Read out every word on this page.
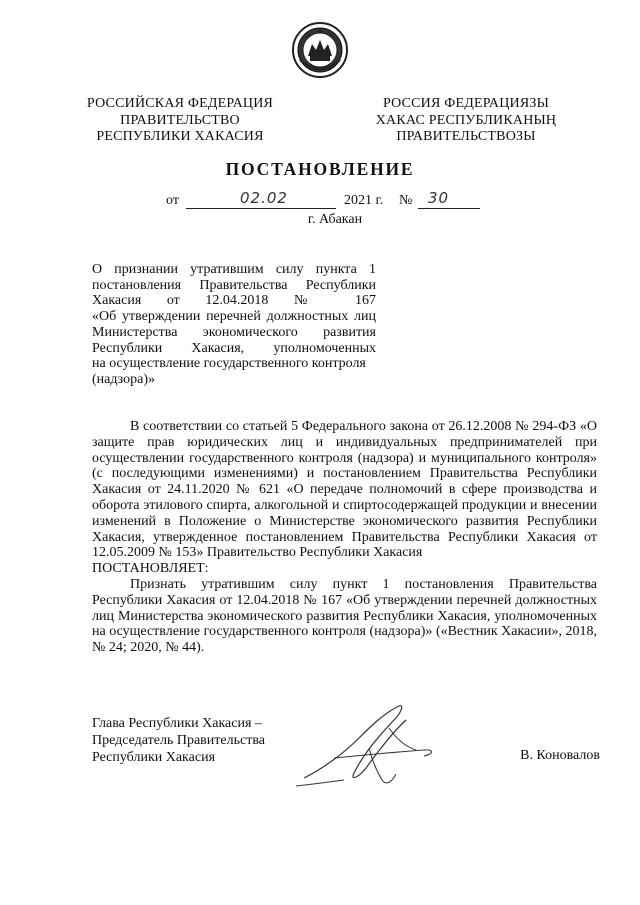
РОССИЙСКАЯ ФЕДЕРАЦИЯ
ПРАВИТЕЛЬСТВО
РЕСПУБЛИКИ ХАКАСИЯ
РОССИЯ ФЕДЕРАЦИЯЗЫ
ХАКАС РЕСПУБЛИКАНЫҢ
ПРАВИТЕЛЬСТВОЗЫ
ПОСТАНОВЛЕНИЕ
от	02.02	2021 г. № 30
г. Абакан
О признании утратившим силу пункта 1
постановления Правительства Республики
Хакасия от 12.04.2018 № 167
«Об утверждении перечней должностных лиц
Министерства экономического развития
Республики Хакасия, уполномоченных
на осуществление государственного контроля
(надзора)»

В соответствии со статьей 5 Федерального закона от 26.12.2008 № 294-ФЗ «О защите прав юридических лиц и индивидуальных предпринимателей при осуществлении государственного контроля (надзора) и муниципального контроля» (с последующими изменениями) и постановлением Правительства Республики Хакасия от 24.11.2020 № 621 «О передаче полномочий в сфере производства и оборота этилового спирта, алкогольной и спиртосодержащей продукции и внесении изменений в Положение о Министерстве экономического развития Республики Хакасия, утвержденное постановлением Правительства Республики Хакасия от 12.05.2009 № 153» Правительство Республики Хакасия

ПОСТАНОВЛЯЕТ:

Признать утратившим силу пункт 1 постановления Правительства Республики Хакасия от 12.04.2018 № 167 «Об утверждении перечней должностных лиц Министерства экономического развития Республики Хакасия, уполномоченных на осуществление государственного контроля (надзора)» («Вестник Хакасии», 2018, № 24; 2020, № 44).

Глава Республики Хакасия –
Председатель Правительства
Республики Хакасия	В. Коновалов
